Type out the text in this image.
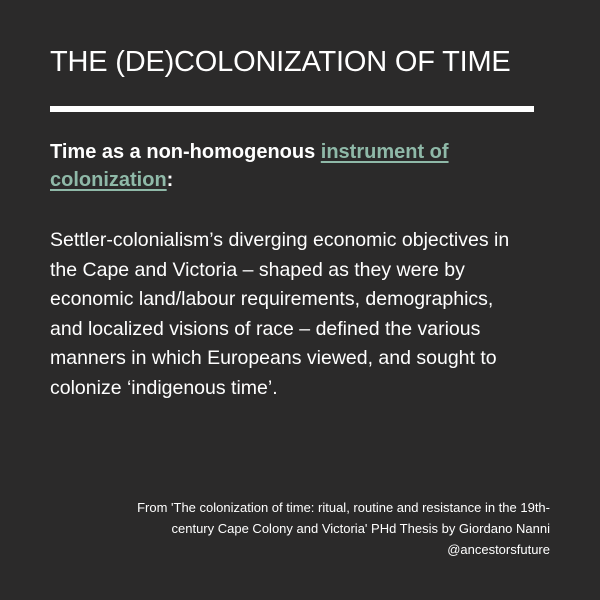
THE (DE)COLONIZATION OF TIME

Time as a non-homogenous instrument of colonization:

Settler-colonialism’s diverging economic objectives in the Cape and Victoria – shaped as they were by economic land/labour requirements, demographics, and localized visions of race – defined the various manners in which Europeans viewed, and sought to colonize ‘indigenous time’.

From 'The colonization of time: ritual, routine and resistance in the 19th-
century Cape Colony and Victoria' PHd Thesis by Giordano Nanni
@ancestorsfuture
